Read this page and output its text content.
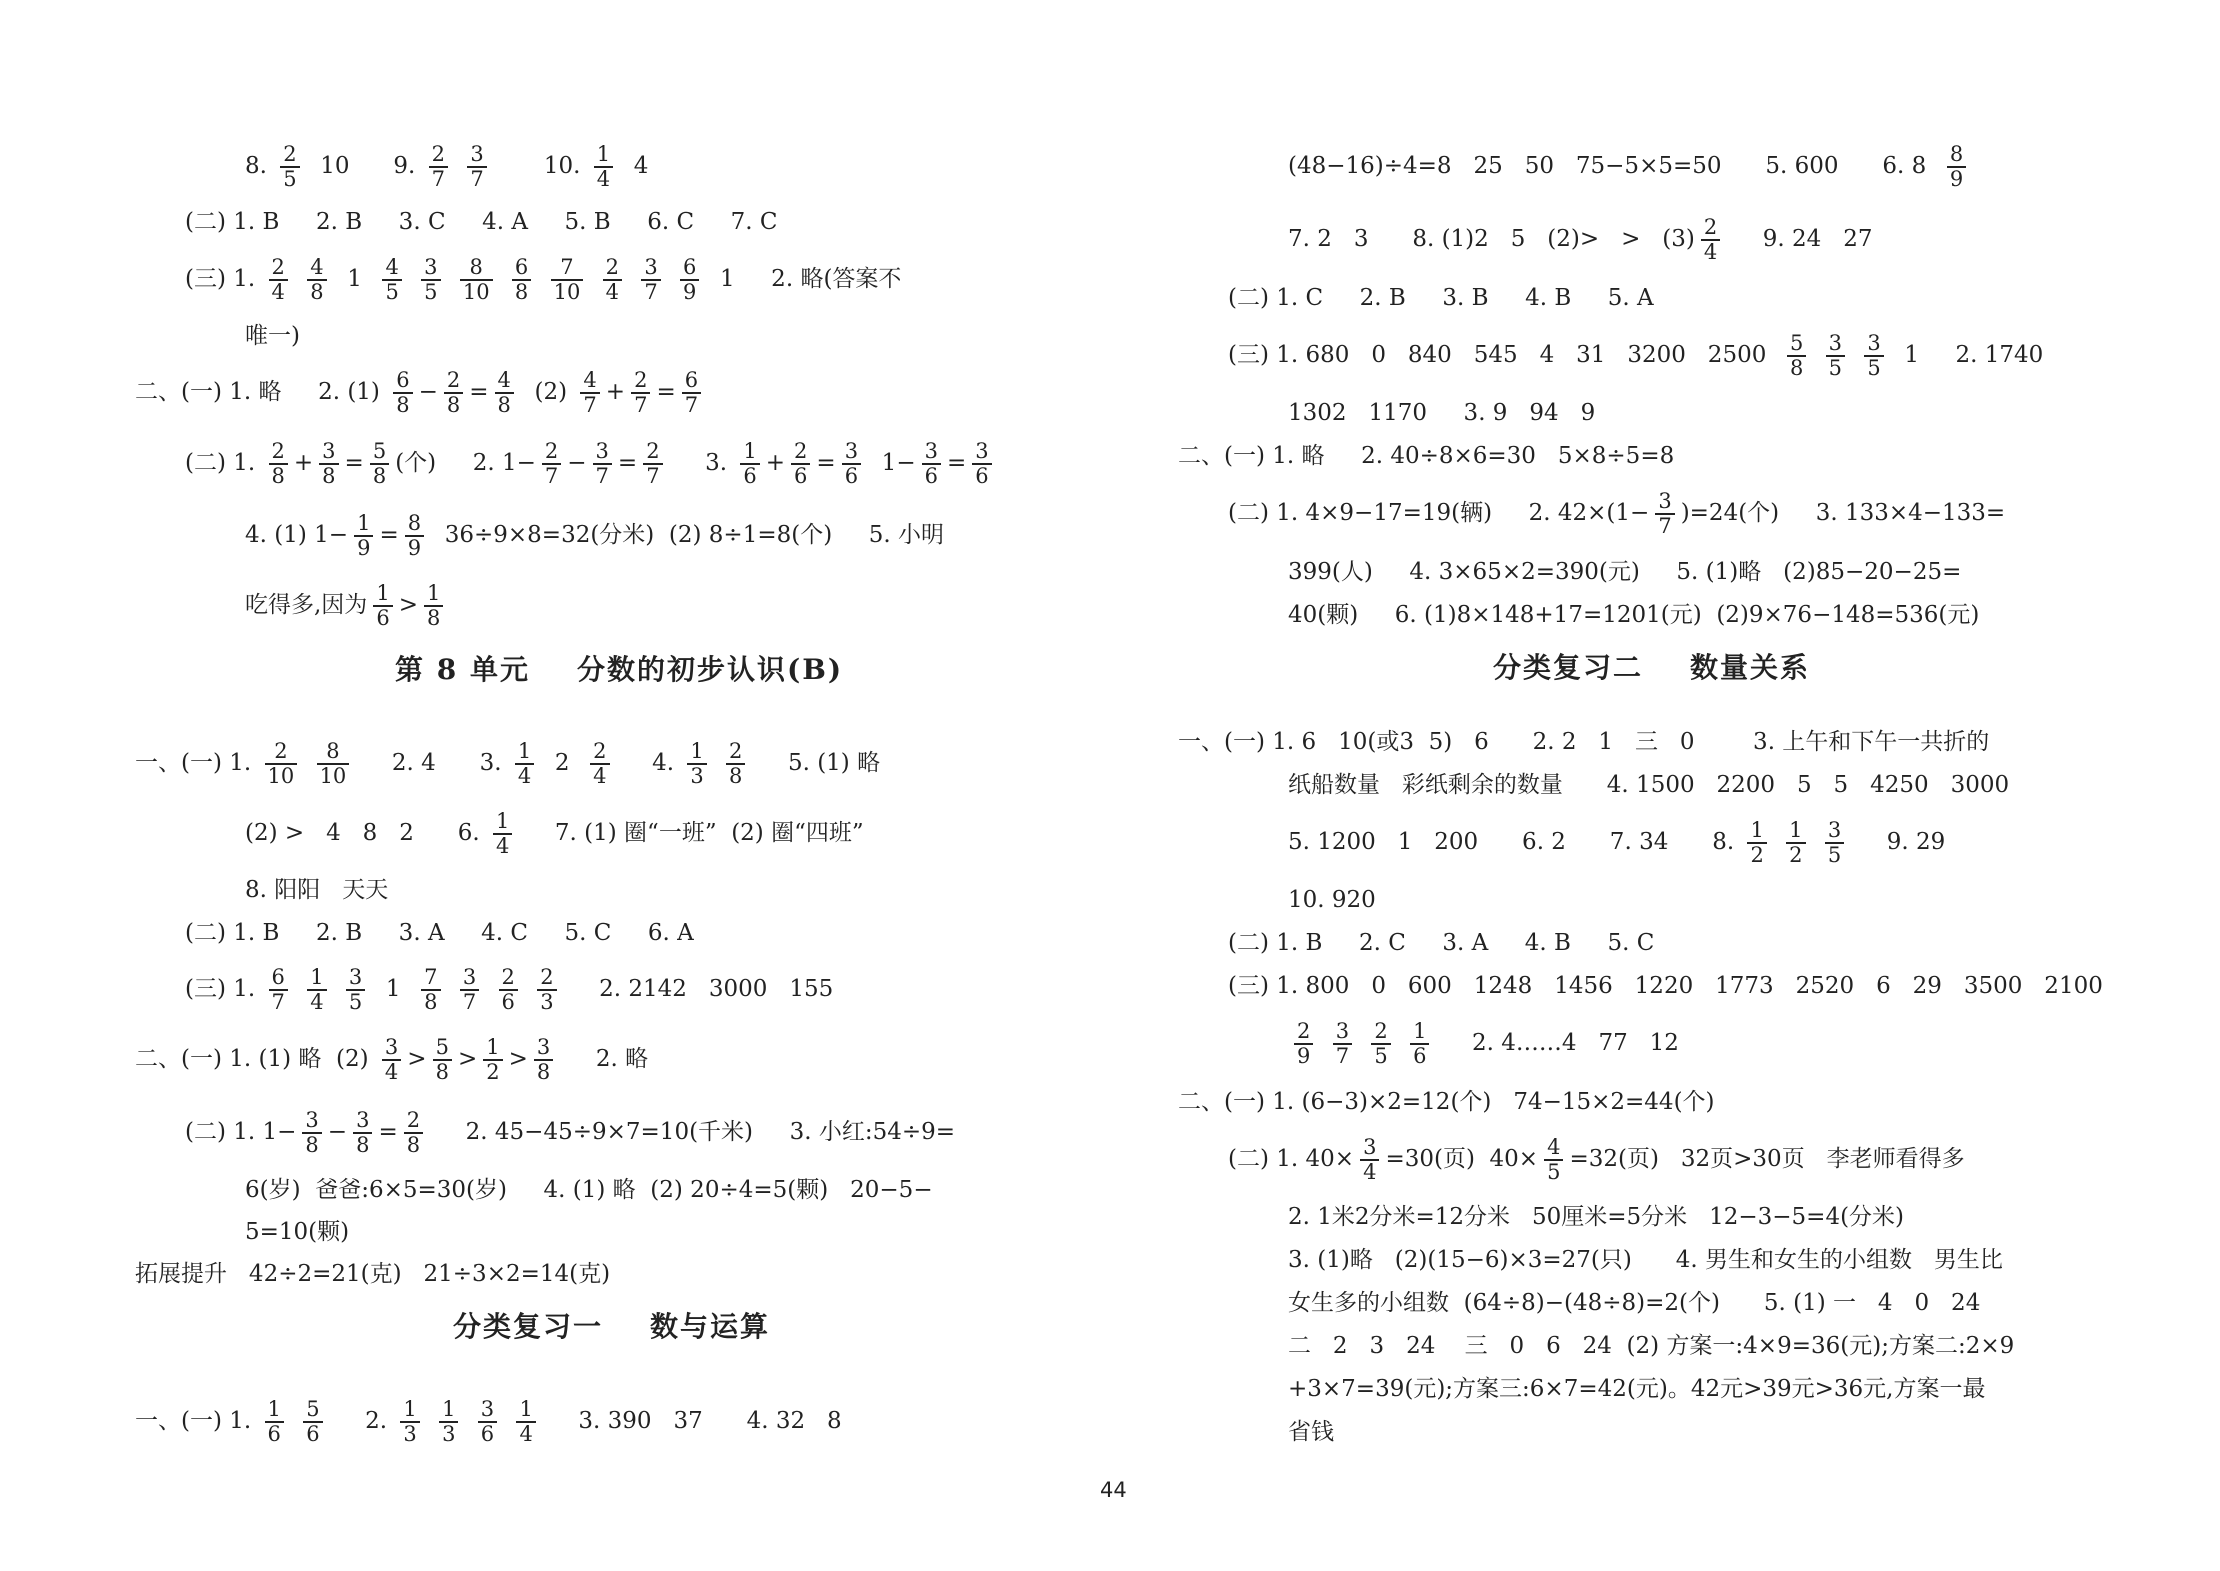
8. $\frac{2}{5} 10$      9. $\frac{2}{7}$
$\frac{3}{7} 10$. $\frac{1}{4} 4$
(二) 1. B     2. B     3. C     4. A     5. B     6. C     7. C
(三) 1. $\frac{2}{4}$
$\frac{4}{8} 1 \frac{4}{5}$
$\frac{3}{5}$
$\frac{8}{10}$
$\frac{6}{8}$
$\frac{7}{10}$
$\frac{2}{4}$
$\frac{3}{7}$
$\frac{6}{9} 1$     2. 略(答案不
唯一)
二、(一) 1. 略     2. $(1) \frac{6}{8} - \frac{2}{8} = \frac{4}{8} (2) \frac{4}{7} + \frac{2}{7} = \frac{6}{7}$
(二) 1. $\frac{2}{8} + \frac{3}{8} = \frac{5}{8}$ (个)     2. $1- \frac{2}{7} - \frac{3}{7} = \frac{2}{7} 3$. $\frac{1}{6} + \frac{2}{6} = \frac{3}{6} 1- \frac{3}{6} = \frac{3}{6}$
4. (1) $1- \frac{1}{9} = \frac{8}{9} 36\div 9\times 8=32$(分米)  (2) 8÷1=8(个)     5. 小明
吃得多,因为 $\frac{1}{6} > \frac{1}{8}$
一、(一) 1. $\frac{2}{10}$
$\frac{8}{10} 2$. 4      3. $\frac{1}{4} 2 \frac{2}{4} 4$. $\frac{1}{3}$
$\frac{2}{8} 5$. (1) 略
(2) >   4   8   2      6. $\frac{1}{4} 7$. (1) 圈“一班”  (2) 圈“四班”
8. 阳阳   天天
(二) 1. B     2. B     3. A     4. C     5. C     6. A
(三) 1. $\frac{6}{7}$
$\frac{1}{4}$
$\frac{3}{5} 1 \frac{7}{8}$
$\frac{3}{7}$
$\frac{2}{6}$
$\frac{2}{3} 2$. 2142   3000   155
二、(一) 1. (1) 略  $(2) \frac{3}{4} > \frac{5}{8} > \frac{1}{2} > \frac{3}{8} 2$. 略
(二) 1. $1- \frac{3}{8} - \frac{3}{8} = \frac{2}{8} 2$. 45−45÷9×7=10(千米)     3. 小红:54÷9=
6(岁)  爸爸:6×5=30(岁)     4. (1) 略  (2) 20÷4=5(颗)   20−5−
5=10(颗)
拓展提升   42÷2=21(克)   21÷3×2=14(克)
一、(一) 1. $\frac{1}{6}$
$\frac{5}{6} 2$. $\frac{1}{3}$
$\frac{1}{3}$
$\frac{3}{6}$
$\frac{1}{4} 3$. 390   37      4. 32   8
(48−16)÷4=8   25   50   75−5×5=50      5. 600      6. $8 \frac{8}{9}$
7. 2   3      8. (1)2   5   $(2)> > (3) \frac{2}{4} 9$. 24   27
(二) 1. C     2. B     3. B     4. B     5. A
(三) 1. 680   0   840   545   4   31   3200   $2500 \frac{5}{8}$
$\frac{3}{5}$
$\frac{3}{5} 1$     2. 1740
1302   1170     3. 9   94   9
二、(一) 1. 略     2. 40÷8×6=30   5×8÷5=8
(二) 1. 4×9−17=19(辆)     2. $42\times(1- \frac{3}{7} )=24$(个)     3. 133×4−133=
399(人)     4. 3×65×2=390(元)     5. (1)略   (2)85−20−25=
40(颗)     6. (1)8×148+17=1201(元)  (2)9×76−148=536(元)
一、(一) 1. 6   10(或3  5)   6      2. 2   1   三   0        3. 上午和下午一共折的
纸船数量   彩纸剩余的数量      4. 1500   2200   5   5   4250   3000
5. 1200   1   200      6. 2      7. 34      8. $\frac{1}{2}$
$\frac{1}{2}$
$\frac{3}{5} 9$. 29
10. 920
(二) 1. B     2. C     3. A     4. B     5. C
(三) 1. 800   0   600   1248   1456   1220   1773   2520   6   29   3500   2100
$\frac{2}{9}$
$\frac{3}{7}$
$\frac{2}{5}$
$\frac{1}{6} 2$. 4……4   77   12
二、(一) 1. (6−3)×2=12(个)   74−15×2=44(个)
(二) 1. $40\times \frac{3}{4} =30$(页)  $40\times \frac{4}{5} =32$(页)   32页>30页   李老师看得多
2. 1米2分米=12分米   50厘米=5分米   12−3−5=4(分米)
3. (1)略   (2)(15−6)×3=27(只)      4. 男生和女生的小组数   男生比
女生多的小组数  (64÷8)−(48÷8)=2(个)      5. (1) 一   4   0   24
二   2   3   24    三   0   6   24  (2) 方案一:4×9=36(元);方案二:2×9
+3×7=39(元);方案三:6×7=42(元)。42元>39元>36元,方案一最
省钱
第 8 单元    分数的初步认识(B)
分类复习一    数与运算
分类复习二    数量关系
44
